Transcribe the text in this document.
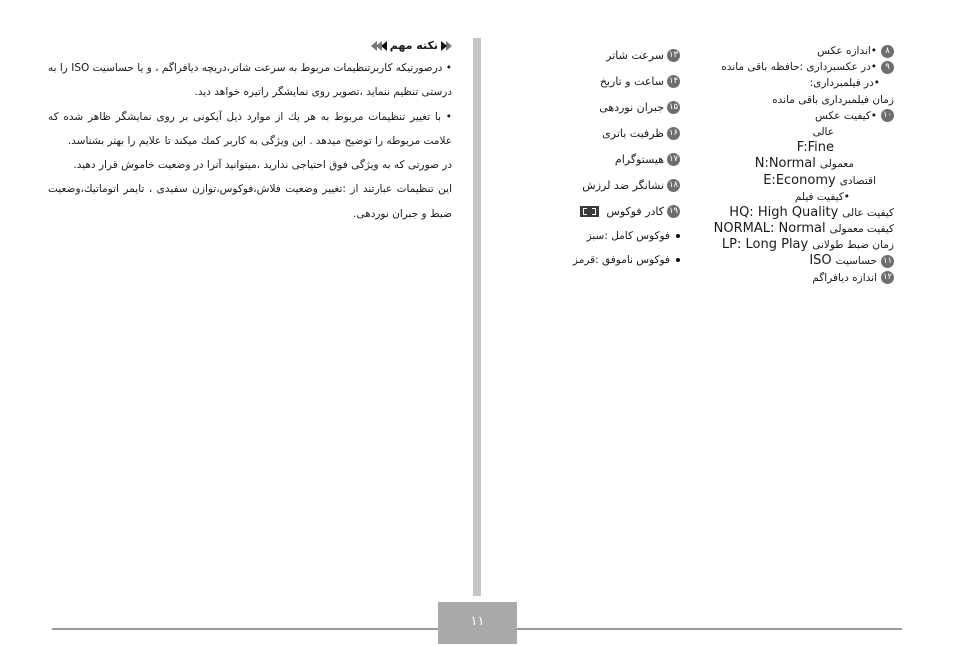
نکته مهم

• درصورتیکه کاربرتنظیمات مربوط به سرعت شاتر،دریچه دیافراگم ، و یا حساسیت ISO را به درستی تنظیم ننماید ،تصویر روی نمایشگر راتیره خواهد دید.

• با تغییر تنظیمات مربوط به هر یك از موارد ذیل آیکونی بر روی نمایشگر ظاهر شده که علامت مربوطه را توضیح میدهد . این ویژگی به کاربر کمك میکند تا علایم را بهتر بشناسد.

در صورتی که به ویژگی فوق احتیاجی ندارید ،میتوانید آنرا در وضعیت خاموش قرار دهید.

این تنظیمات عبارتند از :تغییر وضعیت فلاش،فوکوس،توازن سفیدی ، تایمر اتوماتیك،وضعیت ضبط و جبران نوردهی.

۱۳
سرعت شاتر
۱۴
ساعت و تاریخ
۱۵
جبران نوردهی
۱۶
ظرفیت باتری
۱۷
هیستوگرام
۱۸
نشانگر ضد لرزش
۱۹
کادر فوکوس
فوکوس کامل :سبز
فوکوس ناموفق :قرمز
۸
•اندازه عکس
۹
•در عکسبرداری :حافظه باقی مانده
•در فیلمبرداری:
زمان فیلمبرداری باقی مانده
۱۰
•کیفیت عکس
عالی
F:Fine
معمولی
N:Normal
اقتصادی
E:Economy
•کیفیت فیلم
کیفیت عالی
HQ: High Quality
کیفیت معمولی
NORMAL: Normal
زمان ضبط طولانی
LP: Long Play
۱۱
حساسیت
ISO
۱۲
اندازه دیافراگم
۱۱
